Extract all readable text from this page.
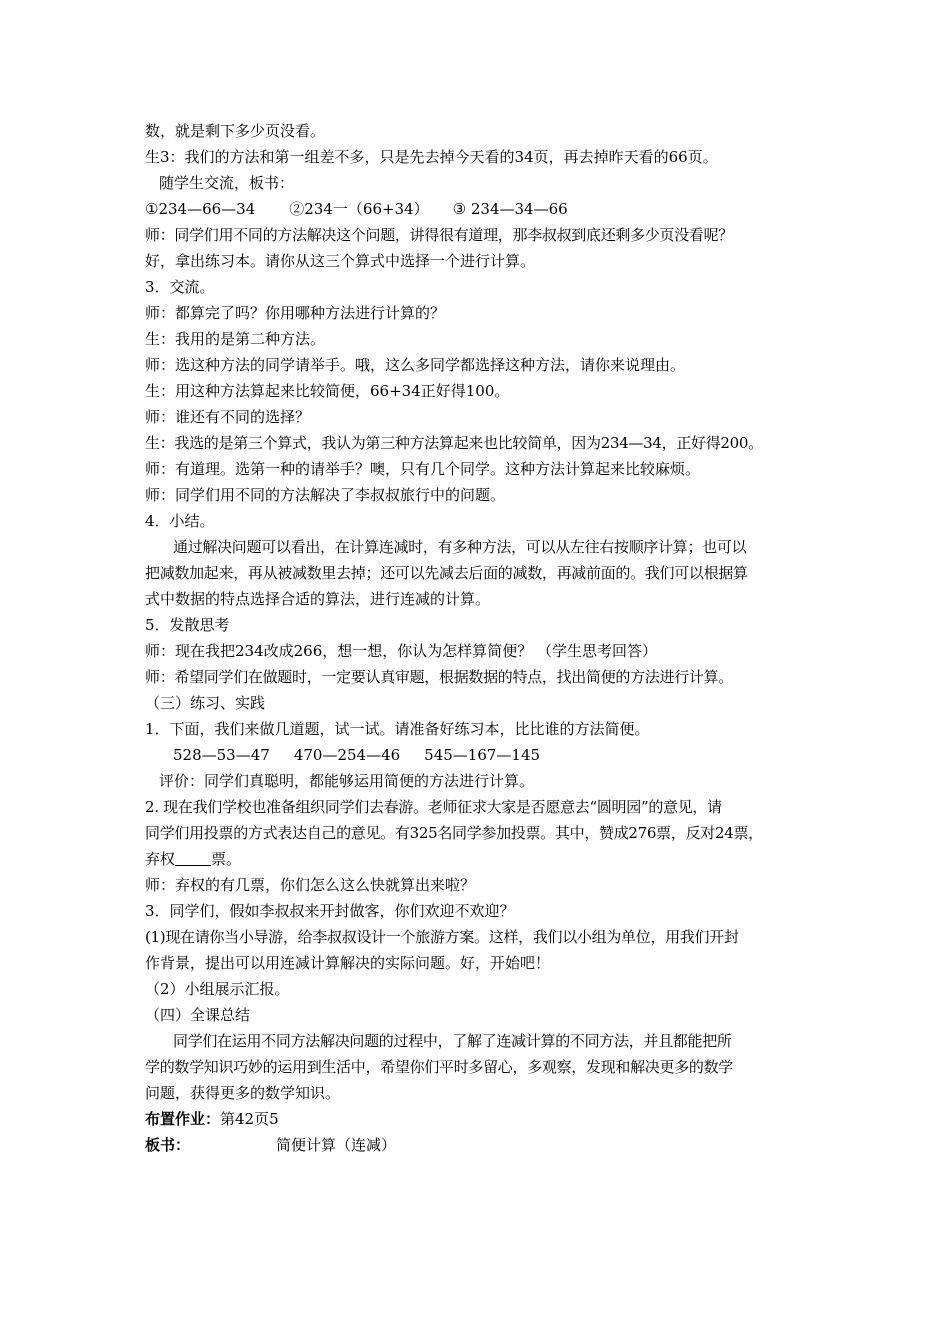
数，就是剩下多少页没看。
生3：我们的方法和第一组差不多，只是先去掉今天看的34页，再去掉昨天看的66页。
随学生交流，板书：
①234—66—34 ②234一（66+34） ③ 234—34—66
师：同学们用不同的方法解决这个问题，讲得很有道理，那李叔叔到底还剩多少页没看呢？
好，拿出练习本。请你从这三个算式中选择一个进行计算。
3．交流。
师：都算完了吗？你用哪种方法进行计算的？
生：我用的是第二种方法。
师：选这种方法的同学请举手。哦，这么多同学都选择这种方法，请你来说理由。
生：用这种方法算起来比较简便，66+34正好得100。
师：谁还有不同的选择？
生：我选的是第三个算式，我认为第三种方法算起来也比较简单，因为234—34，正好得200。
师：有道理。选第一种的请举手？噢，只有几个同学。这种方法计算起来比较麻烦。
师：同学们用不同的方法解决了李叔叔旅行中的问题。
4．小结。
通过解决问题可以看出，在计算连减时，有多种方法，可以从左往右按顺序计算；也可以
把减数加起来，再从被减数里去掉；还可以先减去后面的减数，再减前面的。我们可以根据算
式中数据的特点选择合适的算法，进行连减的计算。
5．发散思考
师：现在我把234改成266，想一想，你认为怎样算简便？ （学生思考回答）
师：希望同学们在做题时，一定要认真审题，根据数据的特点，找出简便的方法进行计算。
（三）练习、实践
1．下面，我们来做几道题，试一试。请准备好练习本，比比谁的方法简便。
528—53—47 470—254—46 545—167—145
评价：同学们真聪明，都能够运用简便的方法进行计算。
2. 现在我们学校也准备组织同学们去春游。老师征求大家是否愿意去“圆明园”的意见，请
同学们用投票的方式表达自己的意见。有325名同学参加投票。其中，赞成276票，反对24票，
弃权 票。
师：弃权的有几票，你们怎么这么快就算出来啦？
3．同学们，假如李叔叔来开封做客，你们欢迎不欢迎？
(1)现在请你当小导游，给李叔叔设计一个旅游方案。这样，我们以小组为单位，用我们开封
作背景，提出可以用连减计算解决的实际问题。好，开始吧！
（2）小组展示汇报。
（四）全课总结
同学们在运用不同方法解决问题的过程中，了解了连减计算的不同方法，并且都能把所
学的数学知识巧妙的运用到生活中，希望你们平时多留心，多观察，发现和解决更多的数学
问题，获得更多的数学知识。
布置作业：第42页5
板书：	简便计算（连减）
